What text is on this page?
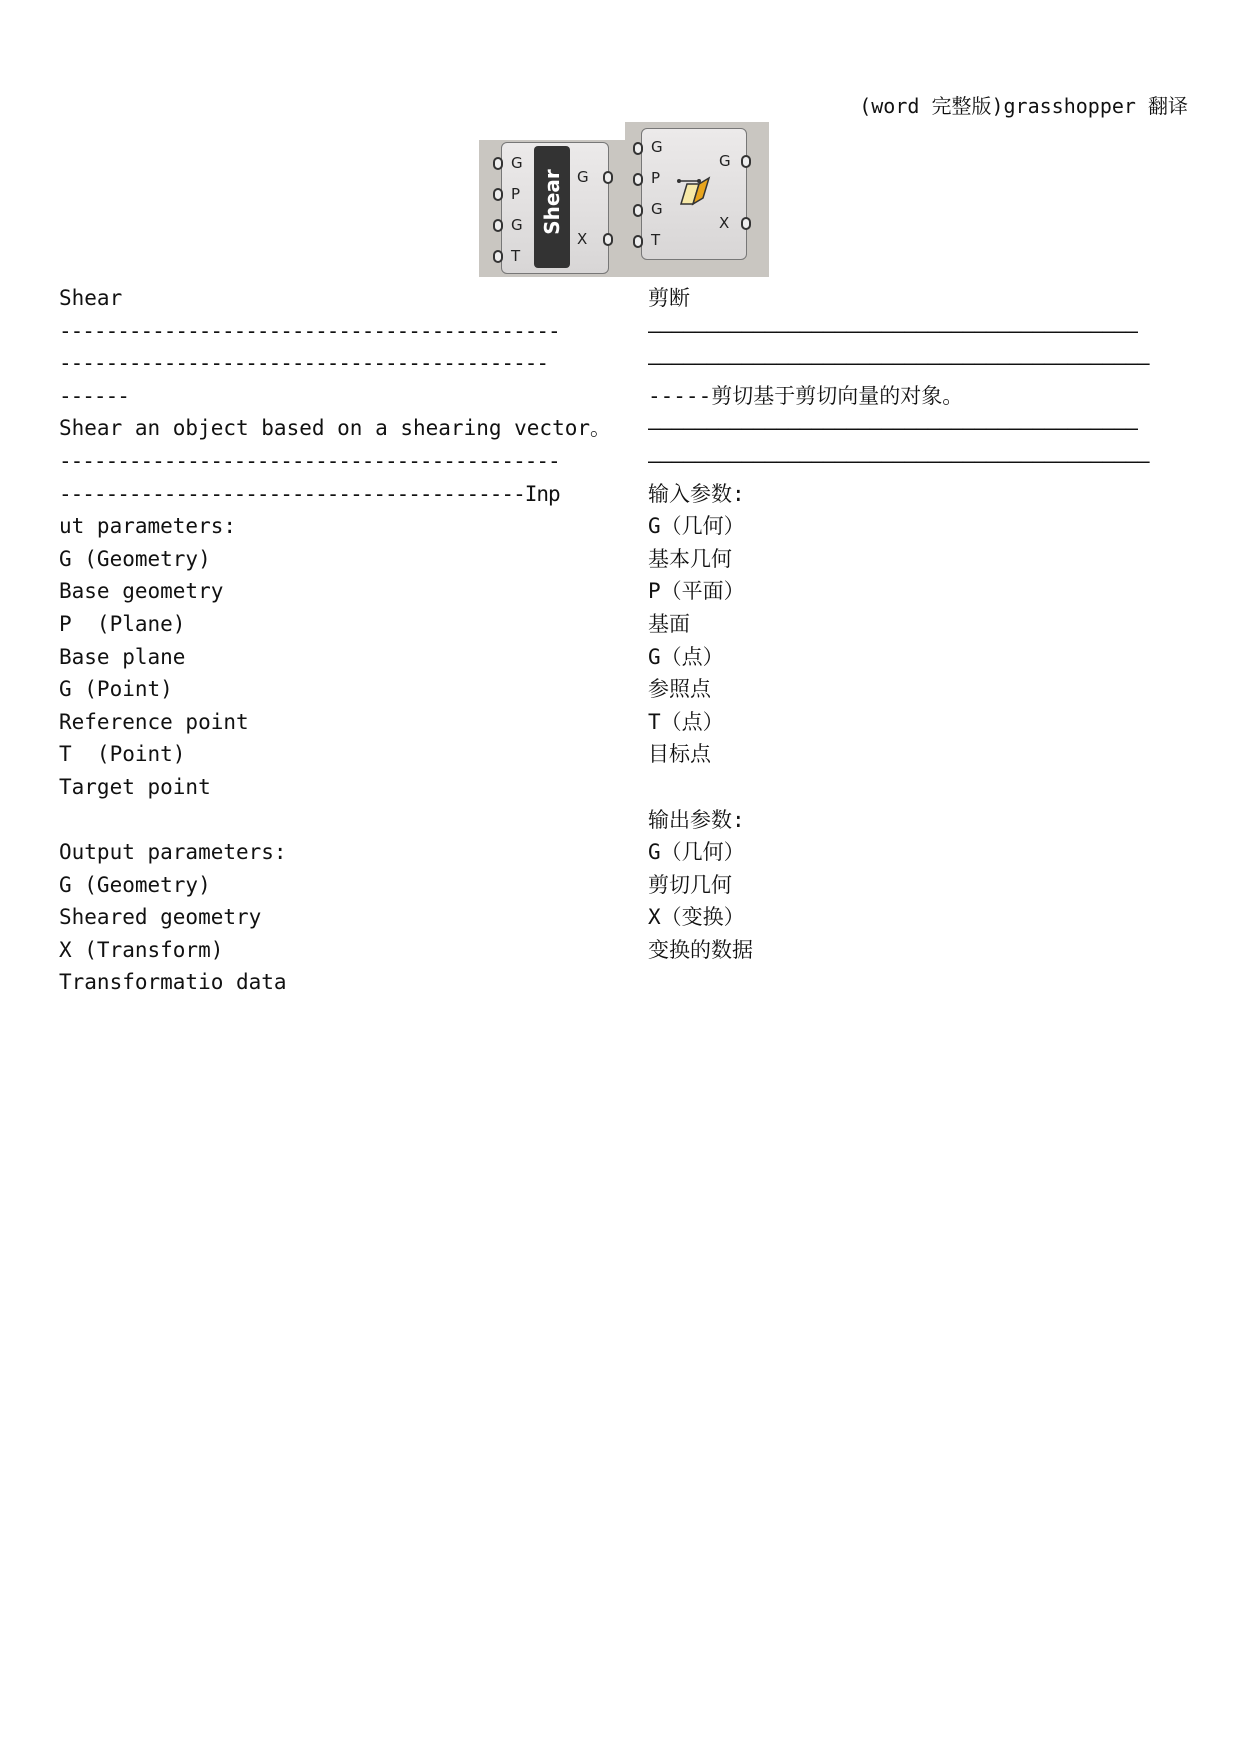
(word 完整版)grasshopper 翻译
Shear
G
P
G
T
G
X
G
P
G
T
G
X
Shear
-------------------------------------------
------------------------------------------
------
Shear an object based on a shearing vector。
-------------------------------------------
----------------------------------------Inp
ut parameters:
G (Geometry)
Base geometry
P  (Plane)
Base plane
G (Point)
Reference point
T  (Point)
Target point
Output parameters:
G (Geometry)
Sheared geometry
X (Transform)
Transformatio data
剪断
——————————————————————————————————————————
———————————————————————————————————————————
-----剪切基于剪切向量的对象。
——————————————————————————————————————————
———————————————————————————————————————————
输入参数:
G（几何）
基本几何
P（平面）
基面
G（点）
参照点
T（点）
目标点
输出参数:
G（几何）
剪切几何
X（变换）
变换的数据
